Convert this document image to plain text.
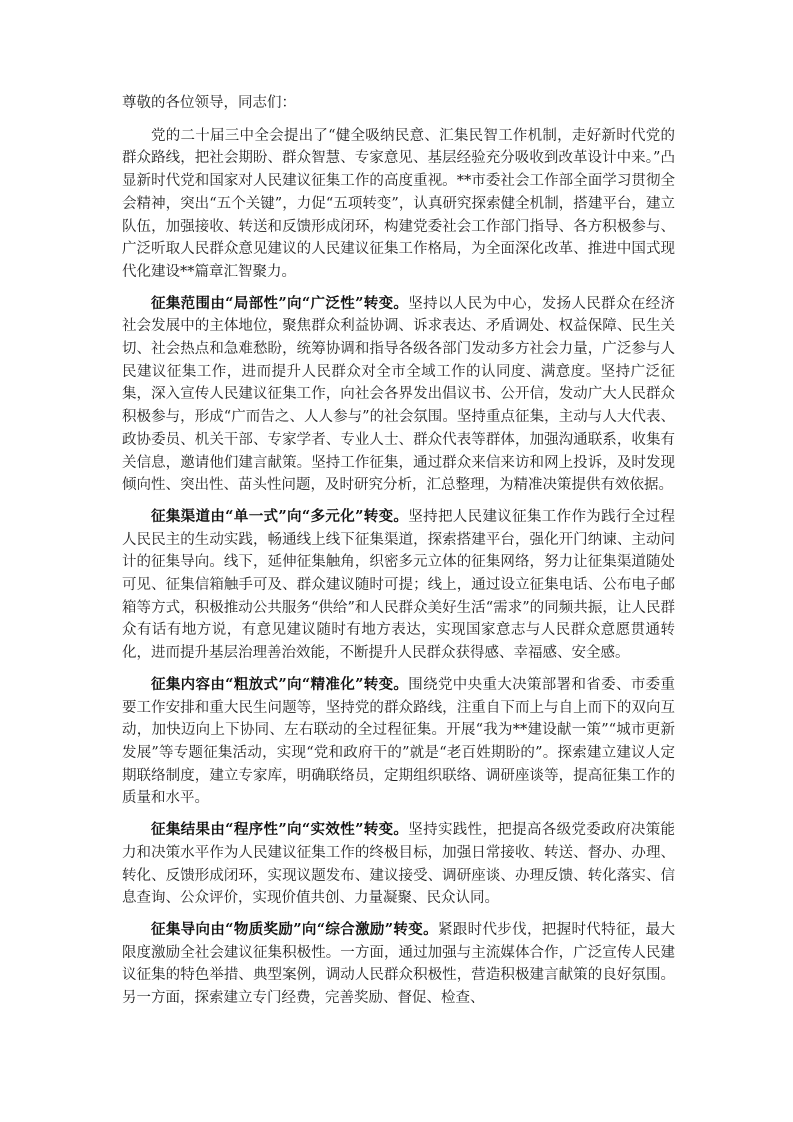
尊敬的各位领导，同志们：

党的二十届三中全会提出了“健全吸纳民意、汇集民智工作机制，走好新时代党的群众路线，把社会期盼、群众智慧、专家意见、基层经验充分吸收到改革设计中来。”凸显新时代党和国家对人民建议征集工作的高度重视。**市委社会工作部全面学习贯彻全会精神，突出“五个关键”，力促“五项转变”，认真研究探索健全机制，搭建平台，建立队伍，加强接收、转送和反馈形成闭环，构建党委社会工作部门指导、各方积极参与、广泛听取人民群众意见建议的人民建议征集工作格局，为全面深化改革、推进中国式现代化建设**篇章汇智聚力。

征集范围由“局部性”向“广泛性”转变。坚持以人民为中心，发扬人民群众在经济社会发展中的主体地位，聚焦群众利益协调、诉求表达、矛盾调处、权益保障、民生关切、社会热点和急难愁盼，统筹协调和指导各级各部门发动多方社会力量，广泛参与人民建议征集工作，进而提升人民群众对全市全域工作的认同度、满意度。坚持广泛征集，深入宣传人民建议征集工作，向社会各界发出倡议书、公开信，发动广大人民群众积极参与，形成“广而告之、人人参与”的社会氛围。坚持重点征集，主动与人大代表、政协委员、机关干部、专家学者、专业人士、群众代表等群体，加强沟通联系，收集有关信息，邀请他们建言献策。坚持工作征集，通过群众来信来访和网上投诉，及时发现倾向性、突出性、苗头性问题，及时研究分析，汇总整理，为精准决策提供有效依据。

征集渠道由“单一式”向“多元化”转变。坚持把人民建议征集工作作为践行全过程人民民主的生动实践，畅通线上线下征集渠道，探索搭建平台，强化开门纳谏、主动问计的征集导向。线下，延伸征集触角，织密多元立体的征集网络，努力让征集渠道随处可见、征集信箱触手可及、群众建议随时可提；线上，通过设立征集电话、公布电子邮箱等方式，积极推动公共服务“供给”和人民群众美好生活“需求”的同频共振，让人民群众有话有地方说，有意见建议随时有地方表达，实现国家意志与人民群众意愿贯通转化，进而提升基层治理善治效能，不断提升人民群众获得感、幸福感、安全感。

征集内容由“粗放式”向“精准化”转变。围绕党中央重大决策部署和省委、市委重要工作安排和重大民生问题等，坚持党的群众路线，注重自下而上与自上而下的双向互动，加快迈向上下协同、左右联动的全过程征集。开展“我为**建设献一策”“城市更新发展”等专题征集活动，实现“党和政府干的”就是“老百姓期盼的”。探索建立建议人定期联络制度，建立专家库，明确联络员，定期组织联络、调研座谈等，提高征集工作的质量和水平。

征集结果由“程序性”向“实效性”转变。坚持实践性，把提高各级党委政府决策能力和决策水平作为人民建议征集工作的终极目标，加强日常接收、转送、督办、办理、转化、反馈形成闭环，实现议题发布、建议接受、调研座谈、办理反馈、转化落实、信息查询、公众评价，实现价值共创、力量凝聚、民众认同。

征集导向由“物质奖励”向“综合激励”转变。紧跟时代步伐，把握时代特征，最大限度激励全社会建议征集积极性。一方面，通过加强与主流媒体合作，广泛宣传人民建议征集的特色举措、典型案例，调动人民群众积极性，营造积极建言献策的良好氛围。另一方面，探索建立专门经费，完善奖励、督促、检查、
